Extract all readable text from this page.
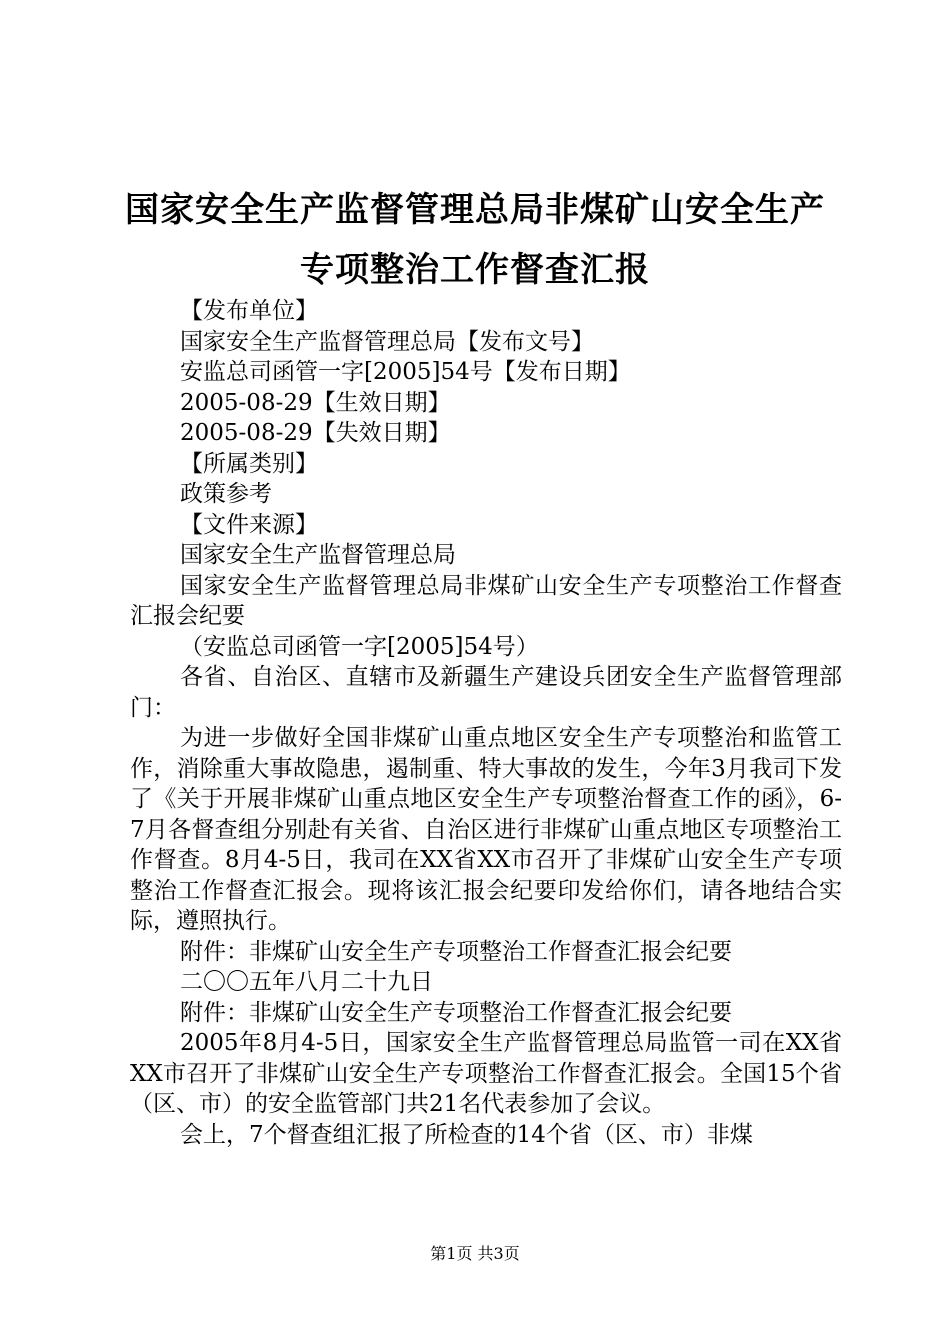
国家安全生产监督管理总局非煤矿山安全生产
专项整治工作督查汇报

【发布单位】

国家安全生产监督管理总局【发布文号】

安监总司函管一字[2005]54号【发布日期】

2005-08-29【生效日期】

2005-08-29【失效日期】

【所属类别】

政策参考

【文件来源】

国家安全生产监督管理总局

国家安全生产监督管理总局非煤矿山安全生产专项整治工作督查汇报会纪要

（安监总司函管一字[2005]54号）

各省、自治区、直辖市及新疆生产建设兵团安全生产监督管理部门：

为进一步做好全国非煤矿山重点地区安全生产专项整治和监管工作，消除重大事故隐患，遏制重、特大事故的发生，今年3月我司下发了《关于开展非煤矿山重点地区安全生产专项整治督查工作的函》，6-7月各督查组分别赴有关省、自治区进行非煤矿山重点地区专项整治工作督查。8月4-5日，我司在XX省XX市召开了非煤矿山安全生产专项整治工作督查汇报会。现将该汇报会纪要印发给你们，请各地结合实际，遵照执行。

附件：非煤矿山安全生产专项整治工作督查汇报会纪要

二〇〇五年八月二十九日

附件：非煤矿山安全生产专项整治工作督查汇报会纪要

2005年8月4-5日，国家安全生产监督管理总局监管一司在XX省XX市召开了非煤矿山安全生产专项整治工作督查汇报会。全国15个省（区、市）的安全监管部门共21名代表参加了会议。

会上，7个督查组汇报了所检查的14个省（区、市）非煤

第1页 共3页
